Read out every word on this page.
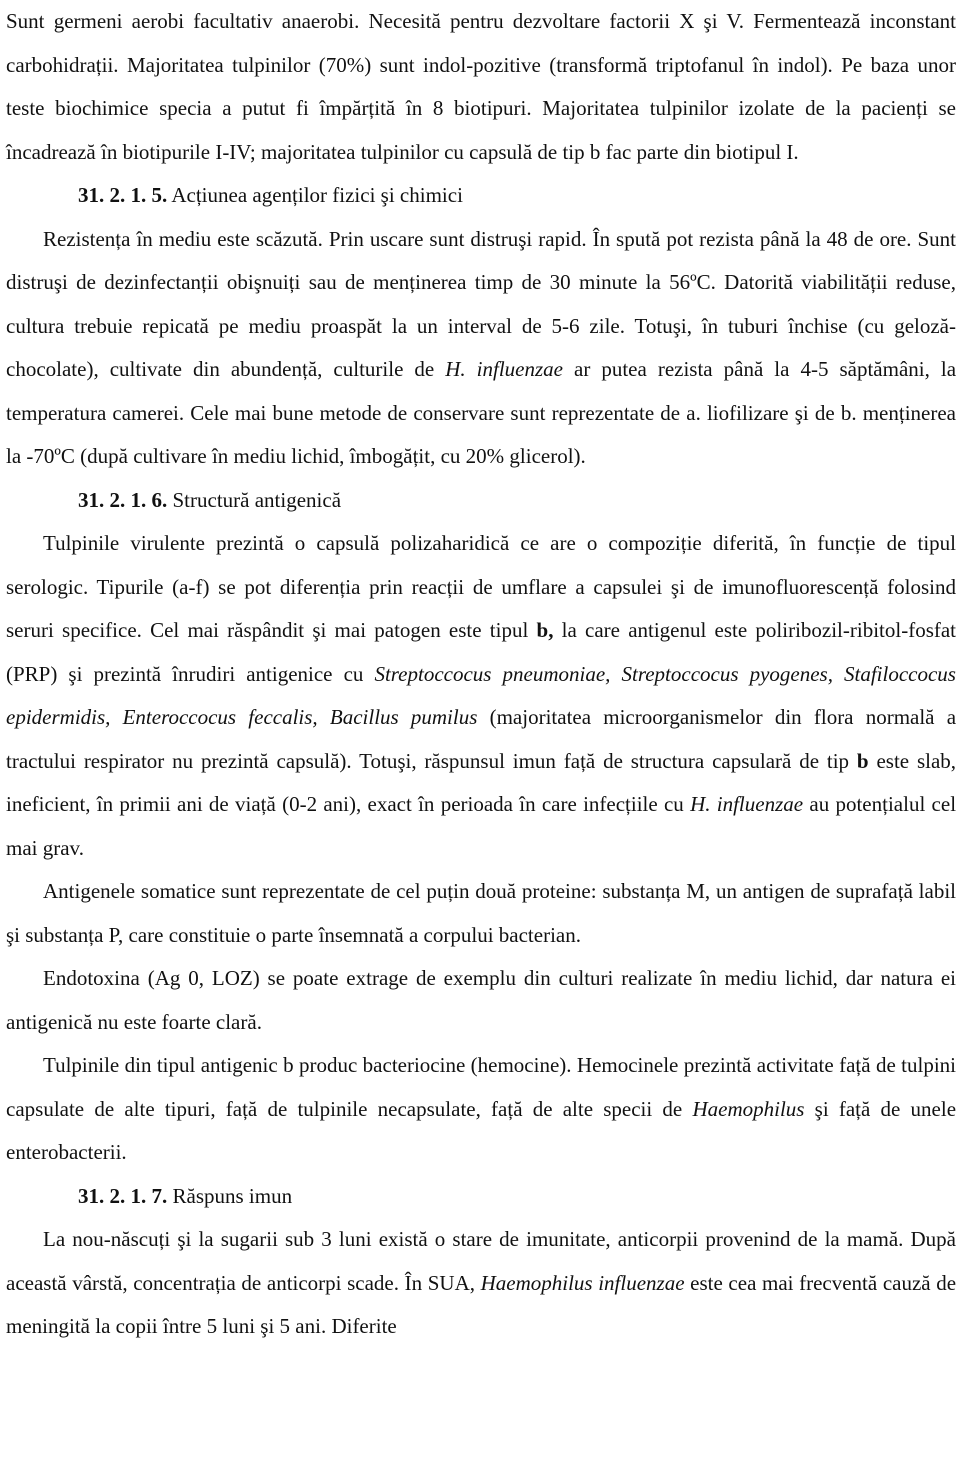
Sunt germeni aerobi facultativ anaerobi. Necesită pentru dezvoltare factorii X şi V. Fermentează inconstant carbohidrații. Majoritatea tulpinilor (70%) sunt indol-pozitive (transformă triptofanul în indol). Pe baza unor teste biochimice specia a putut fi împărțită în 8 biotipuri. Majoritatea tulpinilor izolate de la pacienți se încadrează în biotipurile I-IV; majoritatea tulpinilor cu capsulă de tip b fac parte din biotipul I.

31. 2. 1. 5. Acțiunea agenților fizici şi chimici

Rezistența în mediu este scăzută. Prin uscare sunt distruşi rapid. În spută pot rezista până la 48 de ore. Sunt distruşi de dezinfectanții obişnuiți sau de menținerea timp de 30 minute la 56ºC. Datorită viabilității reduse, cultura trebuie repicată pe mediu proaspăt la un interval de 5-6 zile. Totuşi, în tuburi închise (cu geloză-chocolate), cultivate din abundență, culturile de H. influenzae ar putea rezista până la 4-5 săptămâni, la temperatura camerei. Cele mai bune metode de conservare sunt reprezentate de a. liofilizare şi de b. menținerea la -70ºC (după cultivare în mediu lichid, îmbogățit, cu 20% glicerol).

31. 2. 1. 6. Structură antigenică

Tulpinile virulente prezintă o capsulă polizaharidică ce are o compoziție diferită, în funcție de tipul serologic. Tipurile (a-f) se pot diferenția prin reacții de umflare a capsulei şi de imunofluorescență folosind seruri specifice. Cel mai răspândit şi mai patogen este tipul b, la care antigenul este poliribozil-ribitol-fosfat (PRP) şi prezintă înrudiri antigenice cu Streptoccocus pneumoniae, Streptoccocus pyogenes, Stafiloccocus epidermidis, Enteroccocus feccalis, Bacillus pumilus (majoritatea microorganismelor din flora normală a tractului respirator nu prezintă capsulă). Totuşi, răspunsul imun față de structura capsulară de tip b este slab, ineficient, în primii ani de viață (0-2 ani), exact în perioada în care infecțiile cu H. influenzae au potențialul cel mai grav.

Antigenele somatice sunt reprezentate de cel puțin două proteine: substanța M, un antigen de suprafață labil şi substanța P, care constituie o parte însemnată a corpului bacterian.

Endotoxina (Ag 0, LOZ) se poate extrage de exemplu din culturi realizate în mediu lichid, dar natura ei antigenică nu este foarte clară.

Tulpinile din tipul antigenic b produc bacteriocine (hemocine). Hemocinele prezintă activitate față de tulpini capsulate de alte tipuri, față de tulpinile necapsulate, față de alte specii de Haemophilus şi față de unele enterobacterii.

31. 2. 1. 7. Răspuns imun

La nou-născuți şi la sugarii sub 3 luni există o stare de imunitate, anticorpii provenind de la mamă. După această vârstă, concentrația de anticorpi scade. În SUA, Haemophilus influenzae este cea mai frecventă cauză de meningită la copii între 5 luni şi 5 ani. Diferite
